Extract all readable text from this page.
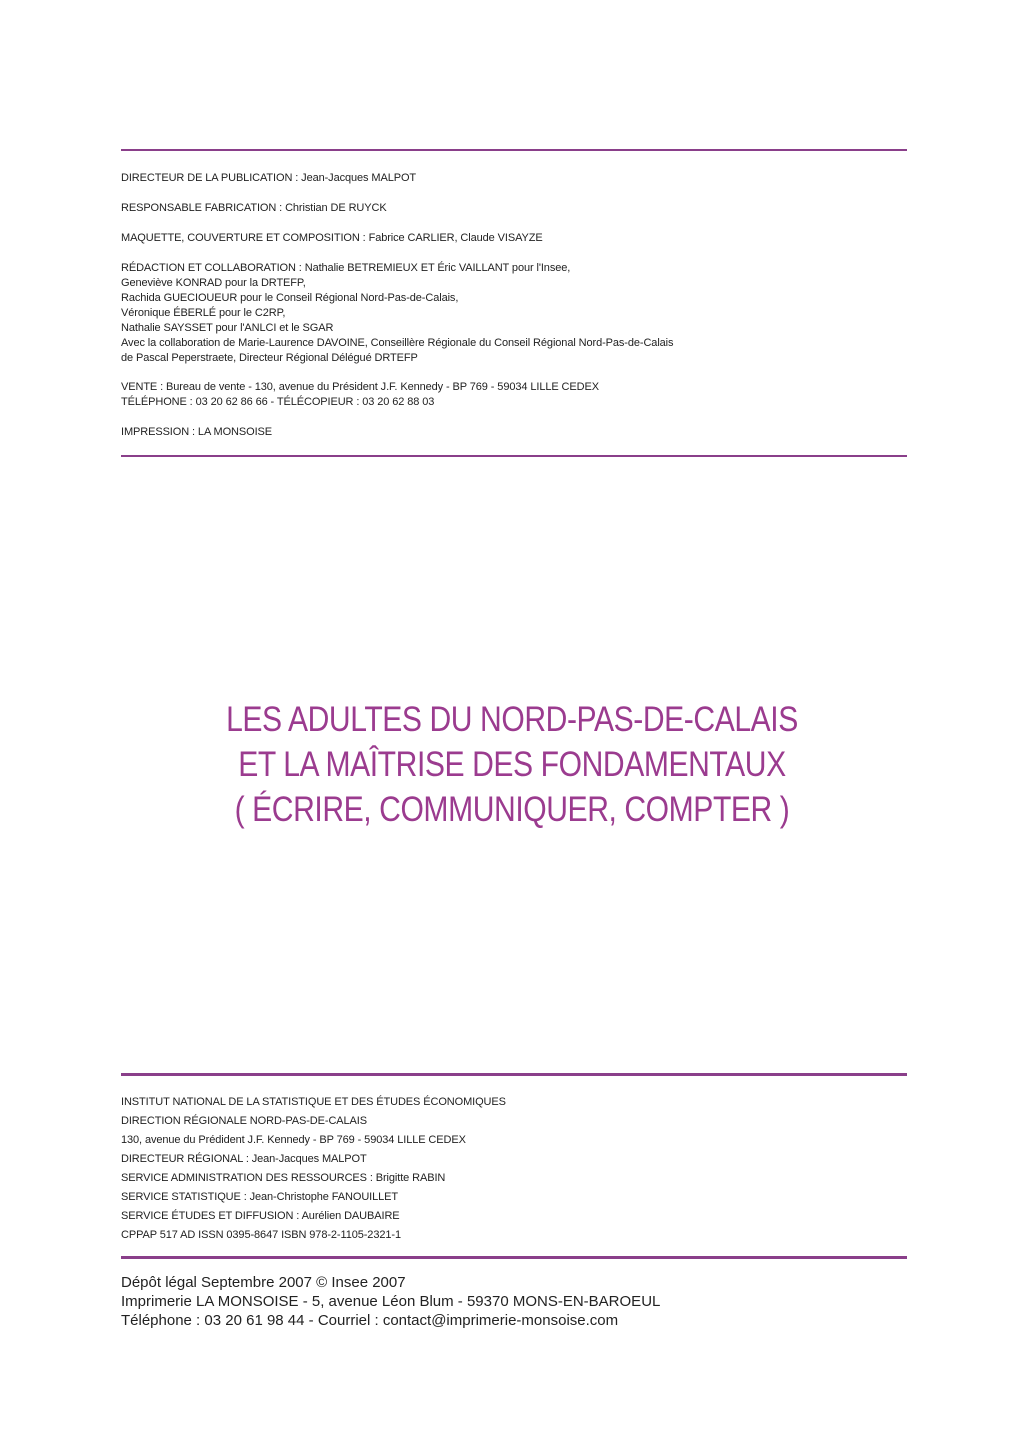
DIRECTEUR DE LA PUBLICATION : Jean-Jacques MALPOT
RESPONSABLE FABRICATION : Christian DE RUYCK
MAQUETTE, COUVERTURE ET COMPOSITION : Fabrice CARLIER, Claude VISAYZE
RÉDACTION ET COLLABORATION : Nathalie BETREMIEUX ET Éric VAILLANT pour l'Insee,
Geneviève KONRAD pour la DRTEFP,
Rachida GUECIOUEUR pour le Conseil Régional Nord-Pas-de-Calais,
Véronique ÉBERLÉ pour le C2RP,
Nathalie SAYSSET pour l'ANLCI et le SGAR
Avec la collaboration de Marie-Laurence DAVOINE, Conseillère Régionale du Conseil Régional Nord-Pas-de-Calais
de Pascal Peperstraete, Directeur Régional Délégué DRTEFP
VENTE : Bureau de vente - 130, avenue du Président J.F. Kennedy - BP 769 - 59034 LILLE CEDEX
TÉLÉPHONE : 03 20 62 86 66 - TÉLÉCOPIEUR : 03 20 62 88 03
IMPRESSION : LA MONSOISE
LES ADULTES DU NORD-PAS-DE-CALAIS
ET LA MAÎTRISE DES FONDAMENTAUX
( ÉCRIRE, COMMUNIQUER, COMPTER )
INSTITUT NATIONAL DE LA STATISTIQUE ET DES ÉTUDES ÉCONOMIQUES
DIRECTION RÉGIONALE NORD-PAS-DE-CALAIS
130, avenue du Prédident J.F. Kennedy - BP 769 - 59034 LILLE CEDEX
DIRECTEUR RÉGIONAL : Jean-Jacques MALPOT
SERVICE ADMINISTRATION DES RESSOURCES : Brigitte RABIN
SERVICE STATISTIQUE : Jean-Christophe FANOUILLET
SERVICE ÉTUDES ET DIFFUSION : Aurélien DAUBAIRE
CPPAP 517 AD ISSN 0395-8647 ISBN 978-2-1105-2321-1
Dépôt légal Septembre 2007 © Insee 2007
Imprimerie LA MONSOISE - 5, avenue Léon Blum - 59370 MONS-EN-BAROEUL
Téléphone : 03 20 61 98 44 - Courriel : contact@imprimerie-monsoise.com
